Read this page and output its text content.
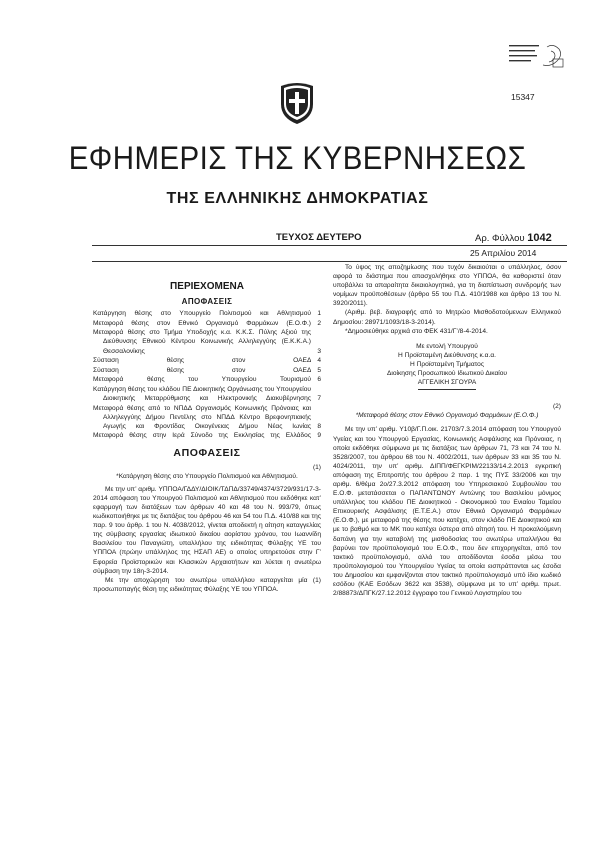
15347
ΕΦΗΜΕΡΙΣ ΤΗΣ ΚΥΒΕΡΝΗΣΕΩΣ
ΤΗΣ ΕΛΛΗΝΙΚΗΣ ΔΗΜΟΚΡΑΤΙΑΣ
ΤΕΥΧΟΣ ΔΕΥΤΕΡΟ	Αρ. Φύλλου 1042
25 Απριλίου 2014
ΠΕΡΙΕΧΟΜΕΝΑ
ΑΠΟΦΑΣΕΙΣ
Κατάργηση θέσης στο Υπουργείο Πολιτισμού και Αθλητισμού ..... 1
Μεταφορά θέσης στον Εθνικό Οργανισμό Φαρμάκων (Ε.Ο.Φ.) ..... 2
Μεταφορά θέσης στο Τμήμα Υποδοχής κ.α. Κ.Κ.Σ. Πύλης Αξιού της Διεύθυνσης Εθνικού Κέντρου Κοινωνικής Αλληλεγγύης (Ε.Κ.Κ.Α.) Θεσσαλονίκης .....	3
Σύσταση θέσης στον ΟΑΕΔ ..... 4
Σύσταση θέσης στον ΟΑΕΔ ..... 5
Μεταφορά θέσης του Υπουργείου Τουρισμού ..... 6
Κατάργηση θέσης του κλάδου ΠΕ Διοικητικής Οργάνωσης του Υπουργείου Διοικητικής Μεταρρύθμισης και Ηλεκτρονικής Διακυβέρνησης ..... 7
Μεταφορά θέσης από το ΝΠΔΔ Οργανισμός Κοινωνικής Πρόνοιας και Αλληλεγγύης Δήμου Πεντέλης στο ΝΠΔΔ Κέντρο Βρεφονηπιακής Αγωγής και Φροντίδας Οικογένειας Δήμου Νέας Ιωνίας ..... 8
Μεταφορά θέσης στην Ιερά Σύνοδο της Εκκλησίας της Ελλάδος ..... 9
ΑΠΟΦΑΣΕΙΣ
(1)

*Κατάργηση θέσης στο Υπουργείο Πολιτισμού και Αθλητισμού.

Με την υπ’ αριθμ. ΥΠΠΟΑ/ΓΔΔΥ/ΔΙΟΙΚ/ΤΔΠΔ/33749/4374/3729/931/17-3-2014 απόφαση του Υπουργού Πολιτισμού και Αθλητισμού που εκδόθηκε κατ’ εφαρμογή των διατάξεων των άρθρων 40 και 48 του Ν. 993/79, όπως κωδικοποιήθηκε με τις διατάξεις του άρθρου 46 και 54 του Π.Δ. 410/88 και της παρ. 9 του άρθρ. 1 του Ν. 4038/2012, γίνεται αποδεκτή η αίτηση καταγγελίας της σύμβασης εργασίας ιδιωτικού δικαίου αορίστου χρόνου, του Ιωαννίδη Βασιλείου του Παναγιώτη, υπαλλήλου της ειδικότητας Φύλαξης ΥΕ του ΥΠΠΟΑ (πρώην υπάλληλος της ΗΣΑΠ ΑΕ) ο οποίος υπηρετούσε στην Γ’ Εφορεία Προϊστορικών και Κλασικών Αρχαιοτήτων και λύεται η ανωτέρω σύμβαση την 18η-3-2014.

Με την αποχώρηση του ανωτέρω υπαλλήλου καταργείται μία (1) προσωποπαγής θέση της ειδικότητας Φύλαξης ΥΕ του ΥΠΠΟΑ.

Το ύψος της αποζημίωσης που τυχόν δικαιούται ο υπάλληλος, όσον αφορά το διάστημα που απασχολήθηκε στο ΥΠΠΟΑ, θα καθοριστεί όταν υποβάλλει τα απαραίτητα δικαιολογητικά, για τη διαπίστωση συνδρομής των νομίμων προϋποθέσεων (άρθρο 55 του Π.Δ. 410/1988 και άρθρο 13 του Ν. 3920/2011).

(Αριθμ. βεβ. διαγραφής από το Μητρώο Μισθοδοτούμενων Ελληνικού Δημοσίου: 28971/1093/18-3-2014).

*Δημοσιεύθηκε αρχικά στο ΦΕΚ 431/Γ’/8-4-2014.

Με εντολή Υπουργού

Η Προϊσταμένη Διεύθυνσης κ.α.α.

Η Προϊσταμένη Τμήματος

Διοίκησης Προσωπικού Ιδιωτικού Δικαίου

ΑΓΓΕΛΙΚΗ ΣΓΟΥΡΑ

(2)

*Μεταφορά θέσης στον Εθνικό Οργανισμό Φαρμάκων (Ε.Ο.Φ.)

Με την υπ’ αριθμ. Υ10β/Γ.Π.οικ. 21703/7.3.2014 απόφαση του Υπουργού Υγείας και του Υπουργού Εργασίας, Κοινωνικής Ασφάλισης και Πρόνοιας, η οποία εκδόθηκε σύμφωνα με τις διατάξεις των άρθρων 71, 73 και 74 του Ν. 3528/2007, του άρθρου 68 του Ν. 4002/2011, των άρθρων 33 και 35 του Ν. 4024/2011, την υπ’ αριθμ. ΔΙΠΠ/ΦΕΓΚΡΙΜ/22133/14.2.2013 εγκριτική απόφαση της Επιτροπής του άρθρου 2 παρ. 1 της ΠΥΣ 33/2006 και την αριθμ. 6/θέμα 2ο/27.3.2012 απόφαση του Υπηρεσιακού Συμβουλίου του Ε.Ο.Φ. μετατάσσεται ο ΠΑΠΑΝΤΩΝΟΥ Αντώνης του Βασιλείου μόνιμος υπάλληλος του κλάδου ΠΕ Διοικητικού - Οικονομικού του Ενιαίου Ταμείου Επικουρικής Ασφάλισης (Ε.Τ.Ε.Α.) στον Εθνικό Οργανισμό Φαρμάκων (Ε.Ο.Φ.), με μεταφορά της θέσης που κατέχει, στον κλάδο ΠΕ Διοικητικού και με το βαθμό και το ΜΚ που κατέχει ύστερα από αίτησή του. Η προκαλούμενη δαπάνη για την καταβολή της μισθοδοσίας του ανωτέρω υπαλλήλου θα βαρύνει τον προϋπολογισμό του Ε.Ο.Φ., που δεν επιχορηγείται, από τον τακτικό προϋπολογισμό, αλλά του αποδίδονται έσοδα μέσω του προϋπολογισμού του Υπουργείου Υγείας τα οποία εισπράττονται ως έσοδα του Δημοσίου και εμφανίζονται στον τακτικό προϋπολογισμό υπό ίδιο κωδικό εσόδου (ΚΑΕ Εσόδων 3622 και 3538), σύμφωνα με το υπ’ αριθμ. πρωτ. 2/88873/ΔΠΓΚ/27.12.2012 έγγραφο του Γενικού Λογιστηρίου του
